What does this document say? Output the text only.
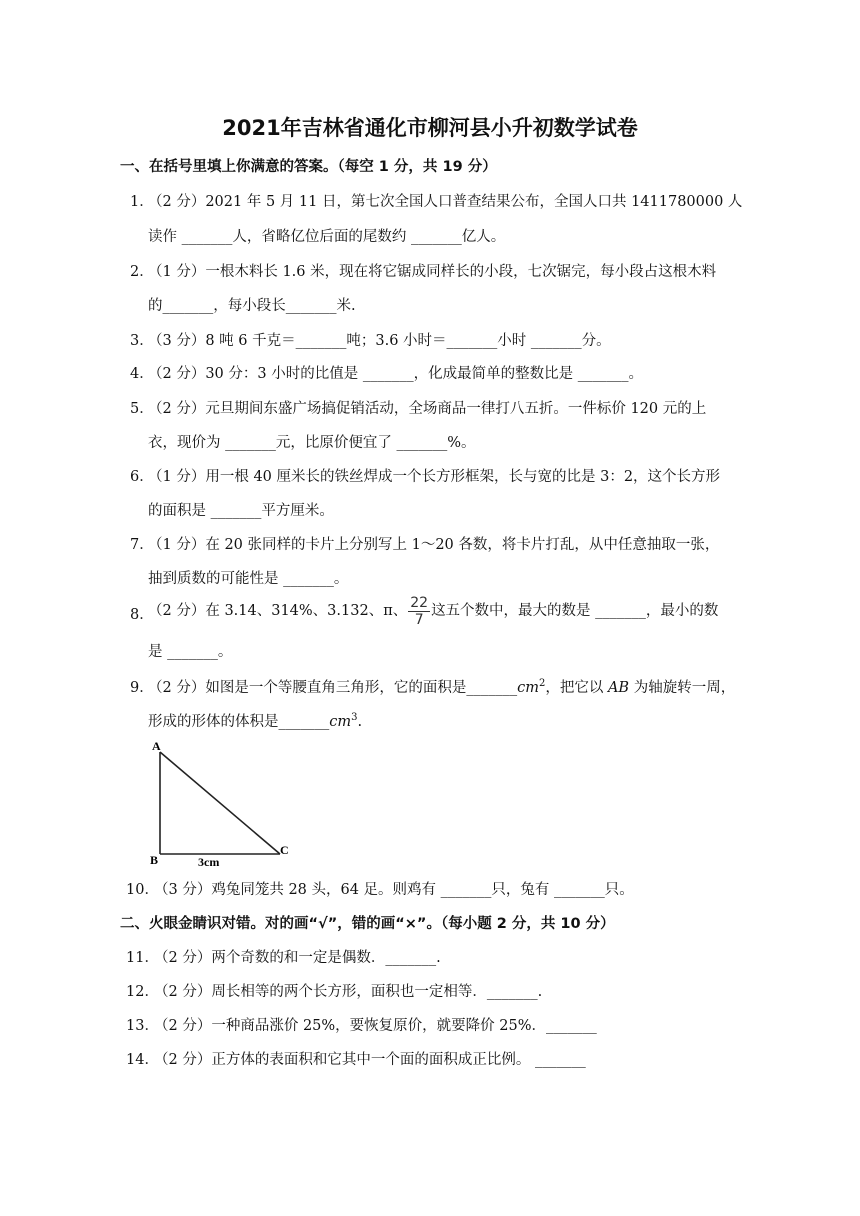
2021年吉林省通化市柳河县小升初数学试卷
一、在括号里填上你满意的答案。（每空 1 分，共 19 分）
1．
（2 分）2021 年 5 月 11 日，第七次全国人口普查结果公布，全国人口共 1411780000 人
读作 _______人，省略亿位后面的尾数约 _______亿人。
2．
（1 分）一根木料长 1.6 米，现在将它锯成同样长的小段，七次锯完，每小段占这根木料
的_______，每小段长_______米.
3．
（3 分）8 吨 6 千克＝_______吨；3.6 小时＝_______小时 _______分。
4．
（2 分）30 分：3 小时的比值是 _______，化成最简单的整数比是 _______。
5．
（2 分）元旦期间东盛广场搞促销活动，全场商品一律打八五折。一件标价 120 元的上
衣，现价为 _______元，比原价便宜了 _______%。
6．
（1 分）用一根 40 厘米长的铁丝焊成一个长方形框架，长与宽的比是 3：2，这个长方形
的面积是 _______平方厘米。
7．
（1 分）在 20 张同样的卡片上分别写上 1～20 各数，将卡片打乱，从中任意抽取一张，
抽到质数的可能性是 _______。
8．
（2 分）在 3.14、314%、3.132、π、 $\frac{22}{7}$ 这五个数中，最大的数是 _______，最小的数
是 _______。
9．
（2 分）如图是一个等腰直角三角形，它的面积是$\_\_\_\_\_\_\_cm^2$，把它以 AB 为轴旋转一周，
形成的形体的体积是$\_\_\_\_\_\_\_cm^3$.
A
B
C
3cm
10．
（3 分）鸡兔同笼共 28 头，64 足。则鸡有 _______只，兔有 _______只。
二、火眼金睛识对错。对的画“√”，错的画“×”。（每小题 2 分，共 10 分）
11．
（2 分）两个奇数的和一定是偶数．_______.
12．
（2 分）周长相等的两个长方形，面积也一定相等．_______.
13．
（2 分）一种商品涨价 25%，要恢复原价，就要降价 25%．_______
14．
（2 分）正方体的表面积和它其中一个面的面积成正比例。 _______
